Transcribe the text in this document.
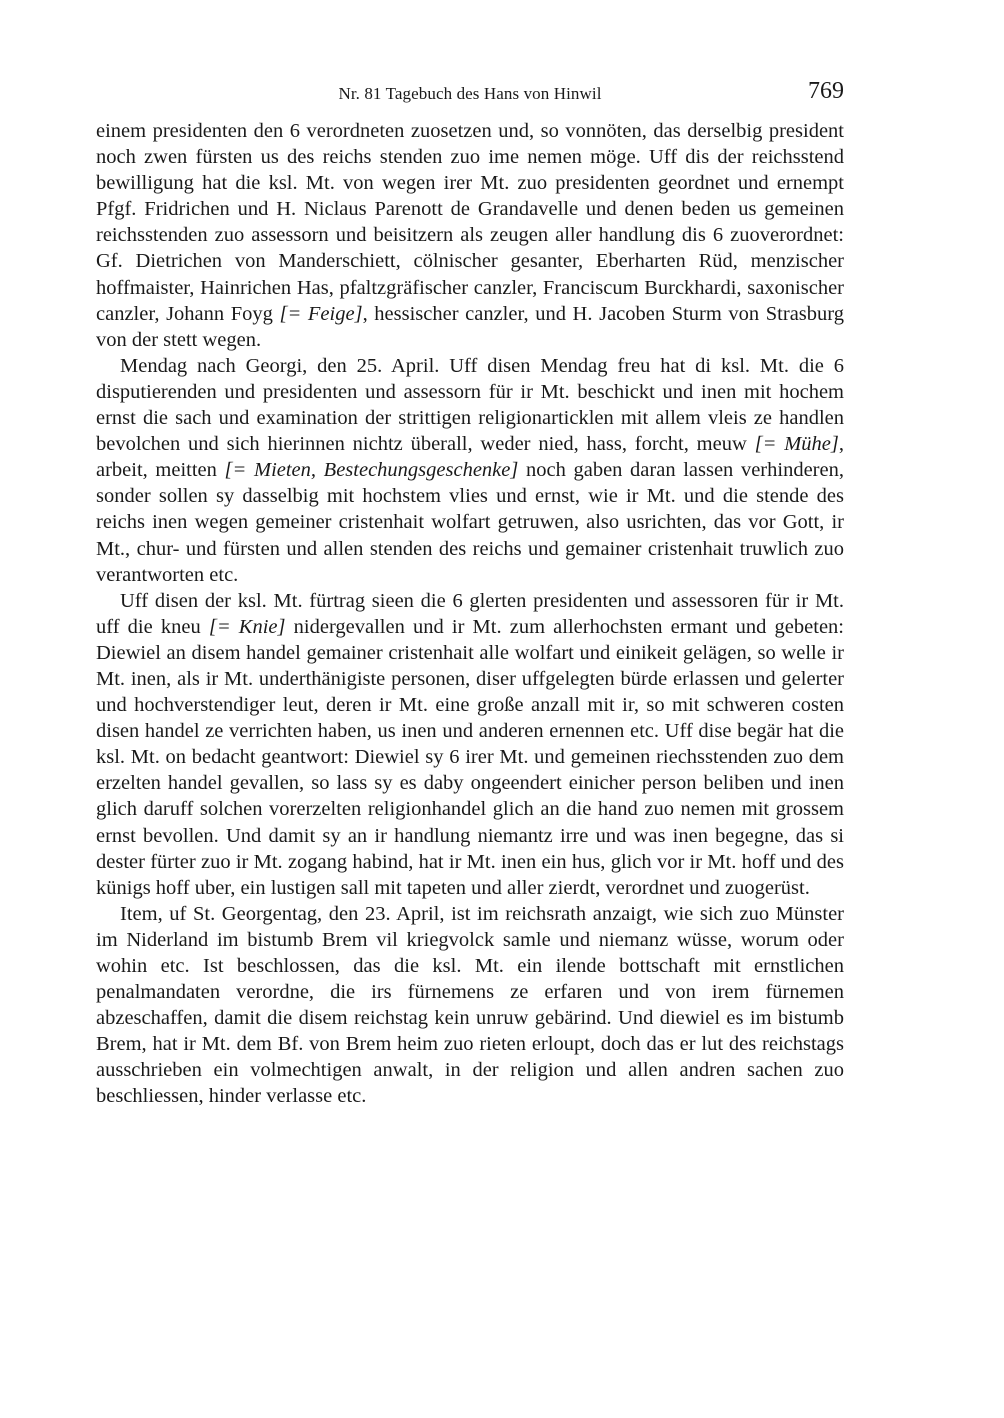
Nr. 81 Tagebuch des Hans von Hinwil	769

einem presidenten den 6 verordneten zuosetzen und, so vonnöten, das derselbig president noch zwen fürsten us des reichs stenden zuo ime nemen möge. Uff dis der reichsstend bewilligung hat die ksl. Mt. von wegen irer Mt. zuo presidenten geordnet und ernempt Pfgf. Fridrichen und H. Niclaus Parenott de Grandavelle und denen beden us gemeinen reichsstenden zuo assessorn und beisitzern als zeugen aller handlung dis 6 zuoverordnet: Gf. Dietrichen von Manderschiett, cölnischer gesanter, Eberharten Rüd, menzischer hoffmaister, Hainrichen Has, pfaltzgräfischer canzler, Franciscum Burckhardi, saxonischer canzler, Johann Foyg [= Feige], hessischer canzler, und H. Jacoben Sturm von Strasburg von der stett wegen.

Mendag nach Georgi, den 25. April. Uff disen Mendag freu hat di ksl. Mt. die 6 disputierenden und presidenten und assessorn für ir Mt. beschickt und inen mit hochem ernst die sach und examination der strittigen religionarticklen mit allem vleis ze handlen bevolchen und sich hierinnen nichtz überall, weder nied, hass, forcht, meuw [= Mühe], arbeit, meitten [= Mieten, Bestechungsgeschenke] noch gaben daran lassen verhinderen, sonder sollen sy dasselbig mit hochstem vlies und ernst, wie ir Mt. und die stende des reichs inen wegen gemeiner cristenhait wolfart getruwen, also usrichten, das vor Gott, ir Mt., chur- und fürsten und allen stenden des reichs und gemainer cristenhait truwlich zuo verantworten etc.

Uff disen der ksl. Mt. fürtrag sieen die 6 glerten presidenten und assessoren für ir Mt. uff die kneu [= Knie] nidergevallen und ir Mt. zum allerhochsten ermant und gebeten: Diewiel an disem handel gemainer cristenhait alle wolfart und einikeit gelägen, so welle ir Mt. inen, als ir Mt. underthänigiste personen, diser uffgelegten bürde erlassen und gelerter und hochverstendiger leut, deren ir Mt. eine große anzall mit ir, so mit schweren costen disen handel ze verrichten haben, us inen und anderen ernennen etc. Uff dise begär hat die ksl. Mt. on bedacht geantwort: Diewiel sy 6 irer Mt. und gemeinen riechsstenden zuo dem erzelten handel gevallen, so lass sy es daby ongeendert einicher person beliben und inen glich daruff solchen vorerzelten religionhandel glich an die hand zuo nemen mit grossem ernst bevollen. Und damit sy an ir handlung niemantz irre und was inen begegne, das si dester fürter zuo ir Mt. zogang habind, hat ir Mt. inen ein hus, glich vor ir Mt. hoff und des künigs hoff uber, ein lustigen sall mit tapeten und aller zierdt, verordnet und zuogerüst.

Item, uf St. Georgentag, den 23. April, ist im reichsrath anzaigt, wie sich zuo Münster im Niderland im bistumb Brem vil kriegvolck samle und niemanz wüsse, worum oder wohin etc. Ist beschlossen, das die ksl. Mt. ein ilende bottschaft mit ernstlichen penalmandaten verordne, die irs fürnemens ze erfaren und von irem fürnemen abzeschaffen, damit die disem reichstag kein unruw gebärind. Und diewiel es im bistumb Brem, hat ir Mt. dem Bf. von Brem heim zuo rieten erloupt, doch das er lut des reichstags ausschrieben ein volmechtigen anwalt, in der religion und allen andren sachen zuo beschliessen, hinder verlasse etc.
